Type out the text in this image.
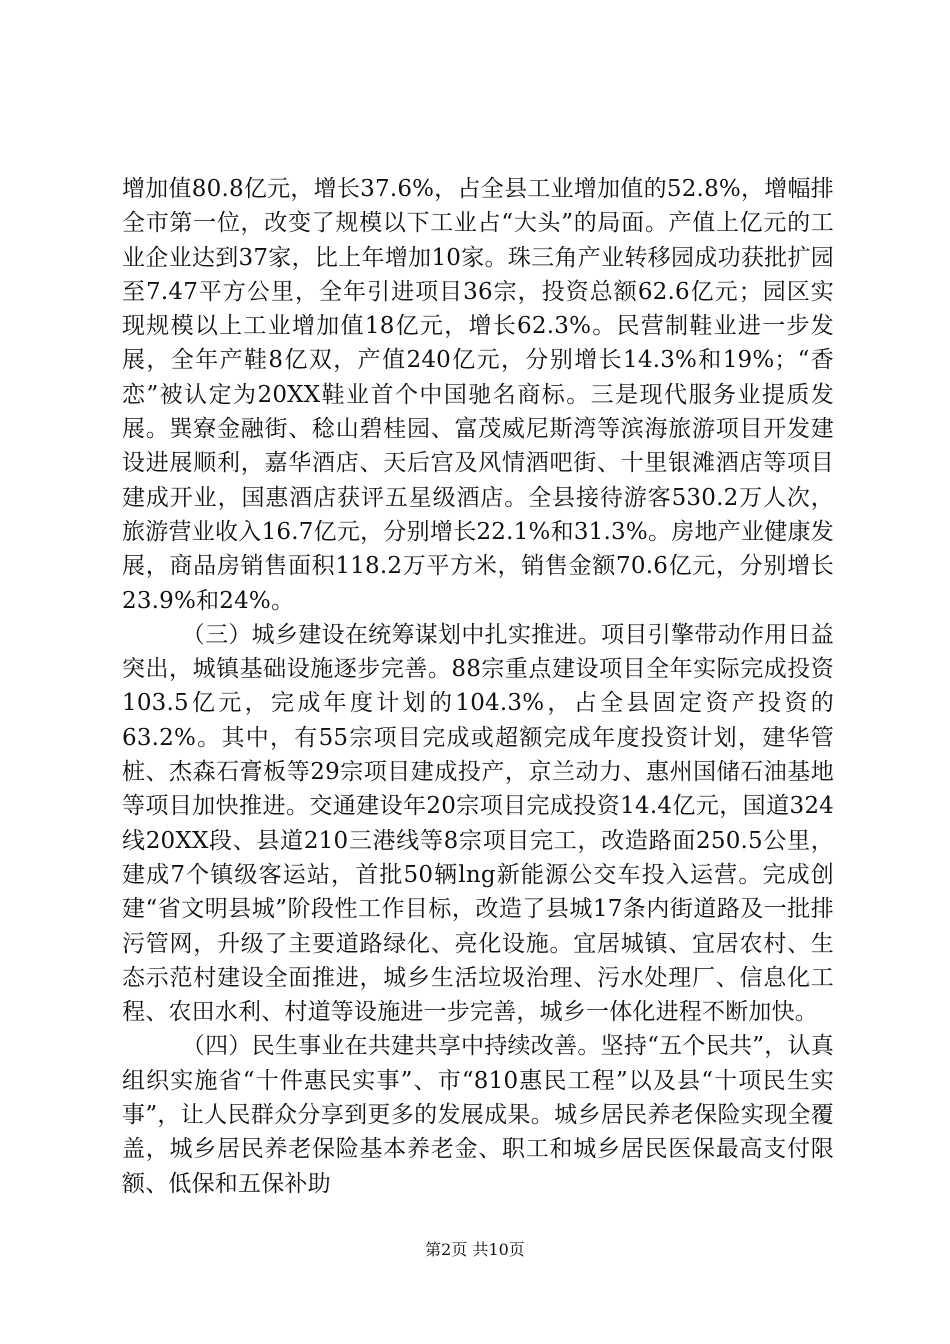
增加值80.8亿元，增长37.6%，占全县工业增加值的52.8%，增幅排全市第一位，改变了规模以下工业占“大头”的局面。产值上亿元的工业企业达到37家，比上年增加10家。珠三角产业转移园成功获批扩园至7.47平方公里，全年引进项目36宗，投资总额62.6亿元；园区实现规模以上工业增加值18亿元，增长62.3%。民营制鞋业进一步发展，全年产鞋8亿双，产值240亿元，分别增长14.3%和19%；“香恋”被认定为20XX鞋业首个中国驰名商标。三是现代服务业提质发展。巽寮金融街、稔山碧桂园、富茂威尼斯湾等滨海旅游项目开发建设进展顺利，嘉华酒店、天后宫及风情酒吧街、十里银滩酒店等项目建成开业，国惠酒店获评五星级酒店。全县接待游客530.2万人次，旅游营业收入16.7亿元，分别增长22.1%和31.3%。房地产业健康发展，商品房销售面积118.2万平方米，销售金额70.6亿元，分别增长23.9%和24%。

（三）城乡建设在统筹谋划中扎实推进。项目引擎带动作用日益突出，城镇基础设施逐步完善。88宗重点建设项目全年实际完成投资103.5亿元，完成年度计划的104.3%，占全县固定资产投资的63.2%。其中，有55宗项目完成或超额完成年度投资计划，建华管桩、杰森石膏板等29宗项目建成投产，京兰动力、惠州国储石油基地等项目加快推进。交通建设年20宗项目完成投资14.4亿元，国道324线20XX段、县道210三港线等8宗项目完工，改造路面250.5公里，建成7个镇级客运站，首批50辆lng新能源公交车投入运营。完成创建“省文明县城”阶段性工作目标，改造了县城17条内街道路及一批排污管网，升级了主要道路绿化、亮化设施。宜居城镇、宜居农村、生态示范村建设全面推进，城乡生活垃圾治理、污水处理厂、信息化工程、农田水利、村道等设施进一步完善，城乡一体化进程不断加快。

（四）民生事业在共建共享中持续改善。坚持“五个民共”，认真组织实施省“十件惠民实事”、市“810惠民工程”以及县“十项民生实事”，让人民群众分享到更多的发展成果。城乡居民养老保险实现全覆盖，城乡居民养老保险基本养老金、职工和城乡居民医保最高支付限额、低保和五保补助

第2页 共10页
